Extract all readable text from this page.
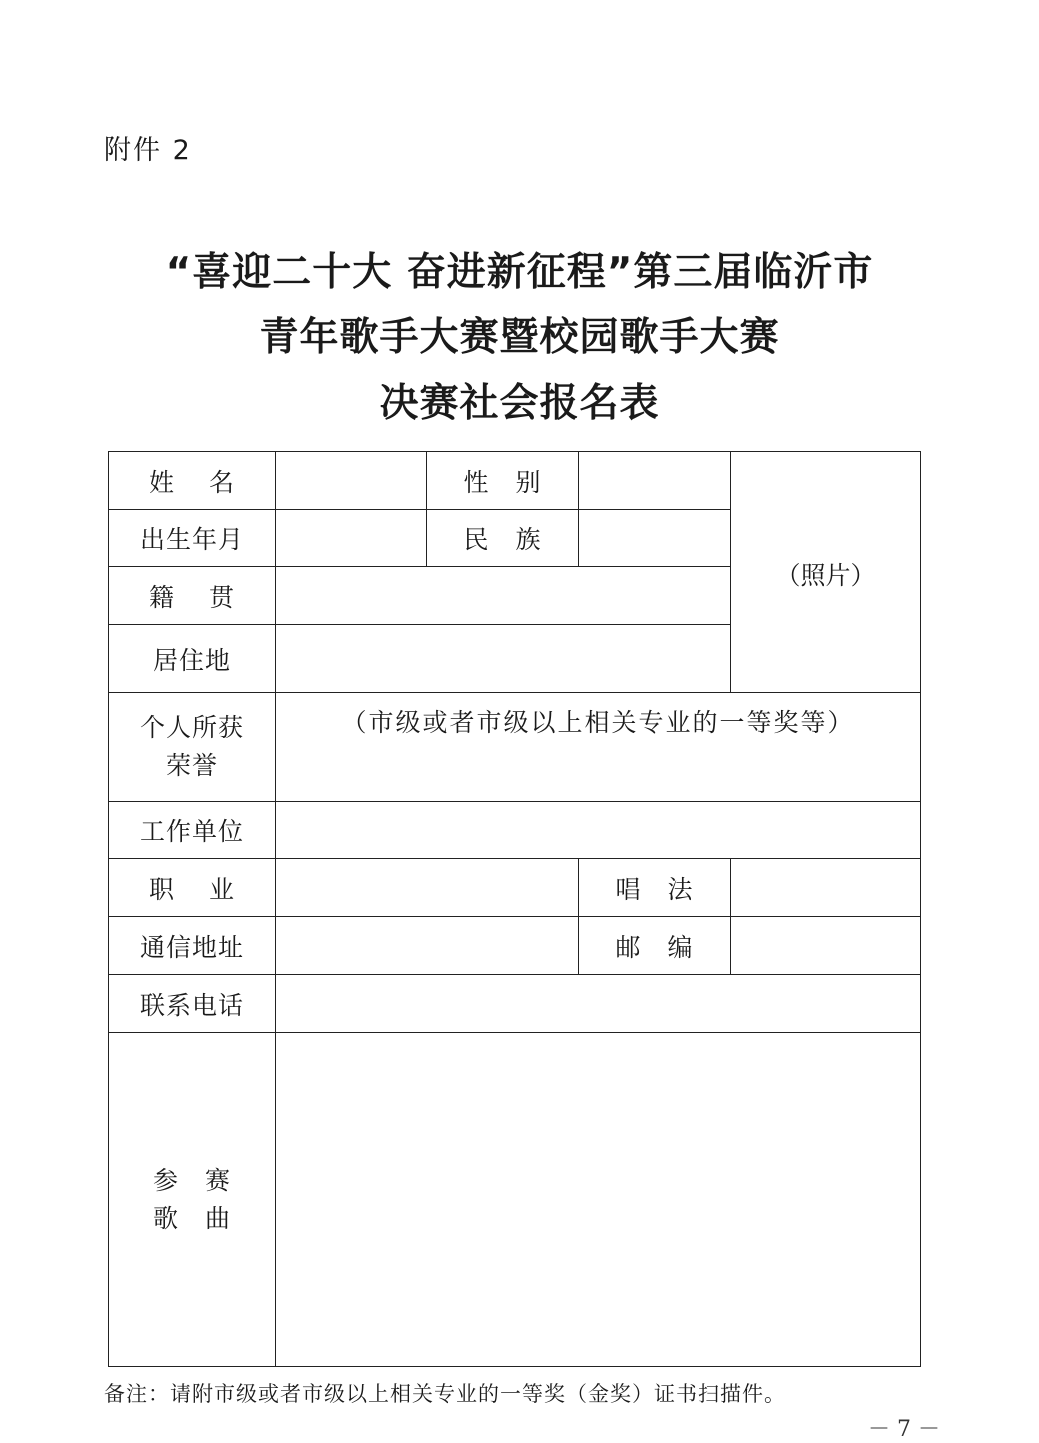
附件 2
“喜迎二十大 奋进新征程”第三届临沂市
青年歌手大赛暨校园歌手大赛
决赛社会报名表
姓名		性别		（照片）
出生年月		民族		
籍贯				
居住地				

个人所获
荣誉	（市级或者市级以上相关专业的一等奖等）			
工作单位				
职业			唱法	
通信地址			邮编	
联系电话				

参赛
歌曲				

备注：请附市级或者市级以上相关专业的一等奖（金奖）证书扫描件。
－ 7 －
